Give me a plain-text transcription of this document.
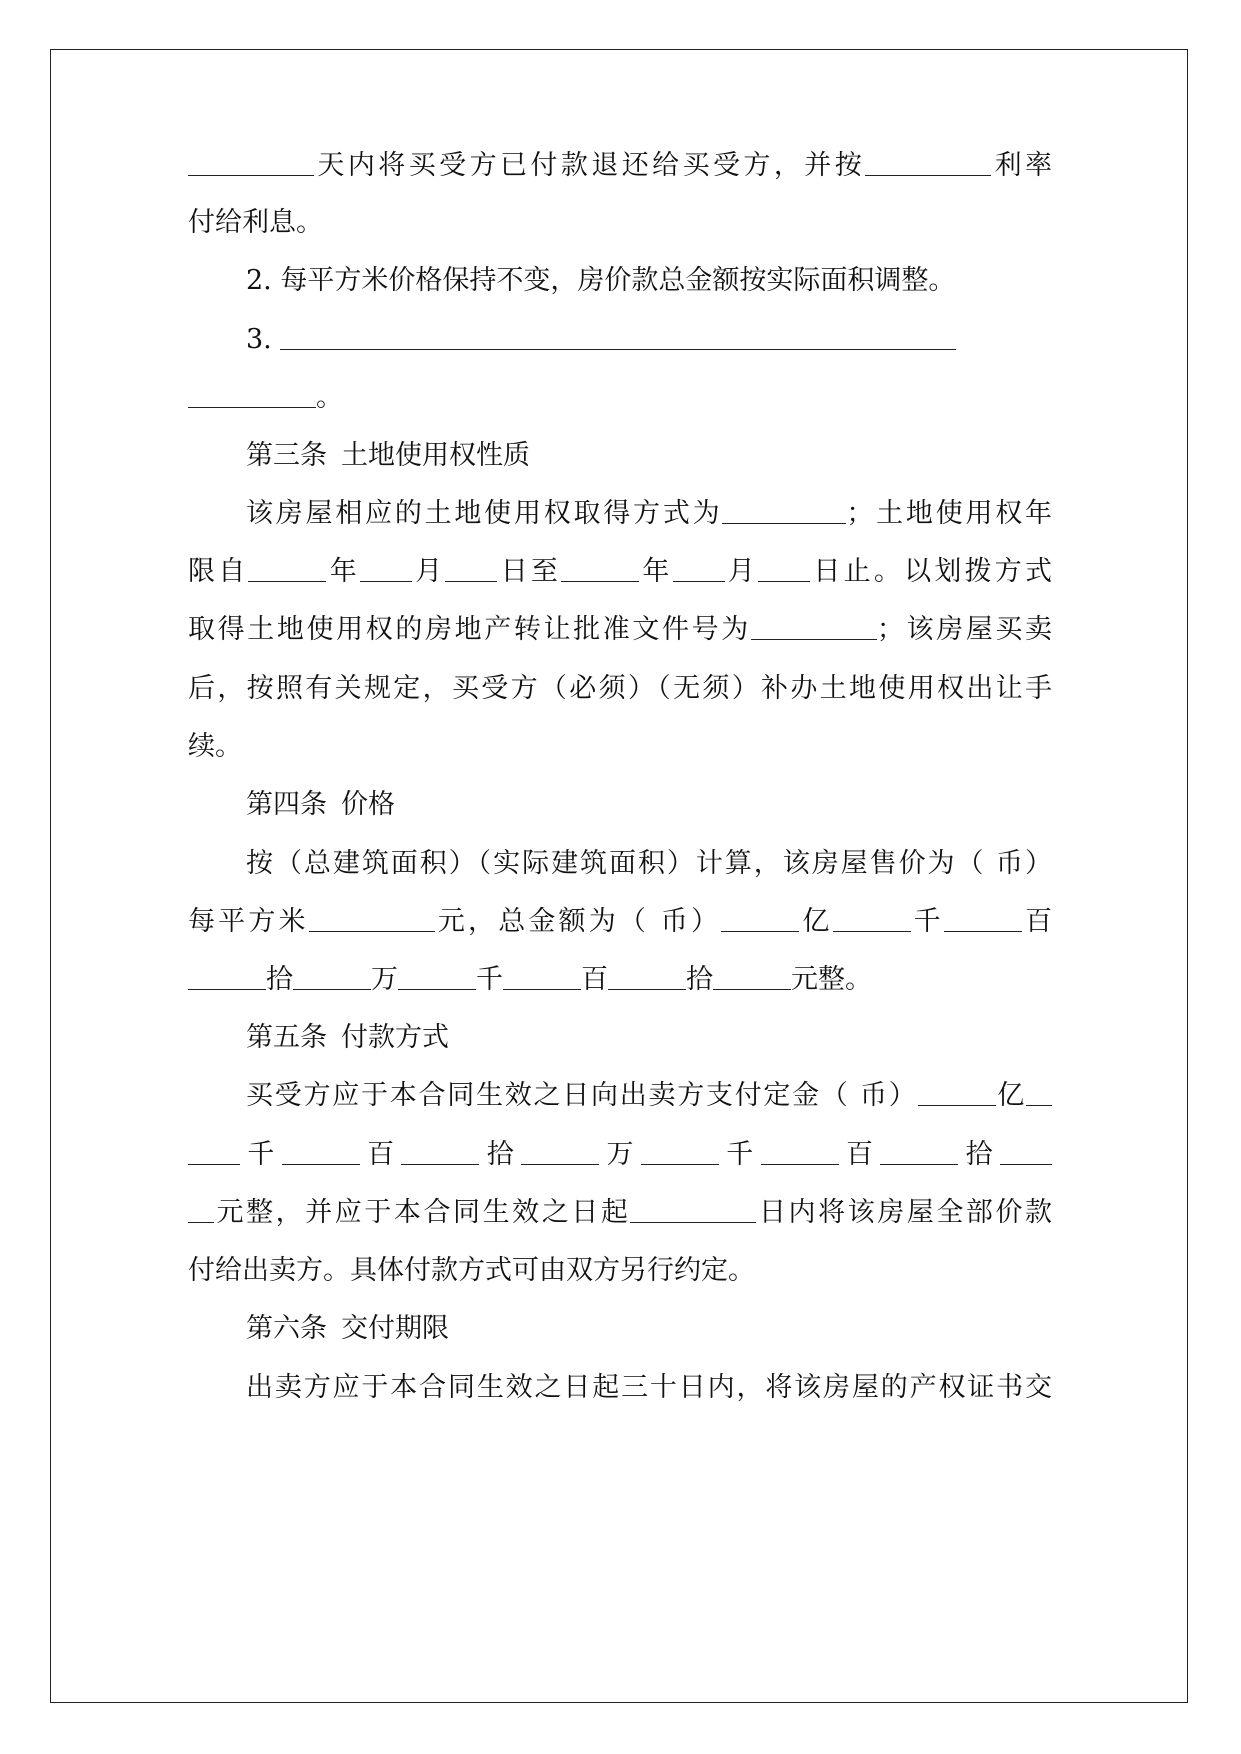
天内将买受方已付款退还给买受方，并按	利率
付给利息。
2. 每平方米价格保持不变，房价款总金额按实际面积调整。
3.
。
第三条 土地使用权性质
该房屋相应的土地使用权取得方式为	；土地使用权年
限自	年 月 日至	年 月 日止。以划拨方式
取得土地使用权的房地产转让批准文件号为	；该房屋买卖
后，按照有关规定，买受方（必须）（无须）补办土地使用权出让手
续。
第四条 价格
按（总建筑面积）（实际建筑面积）计算，该房屋售价为（ 币）
每平方米	元，总金额为（ 币）	亿	千	百
拾	万	千	百	拾	元整。
第五条 付款方式
买受方应于本合同生效之日向出卖方支付定金（ 币）	亿
千	百	拾	万	千	百	拾
元整，并应于本合同生效之日起	日内将该房屋全部价款
付给出卖方。具体付款方式可由双方另行约定。
第六条 交付期限
出卖方应于本合同生效之日起三十日内，将该房屋的产权证书交
